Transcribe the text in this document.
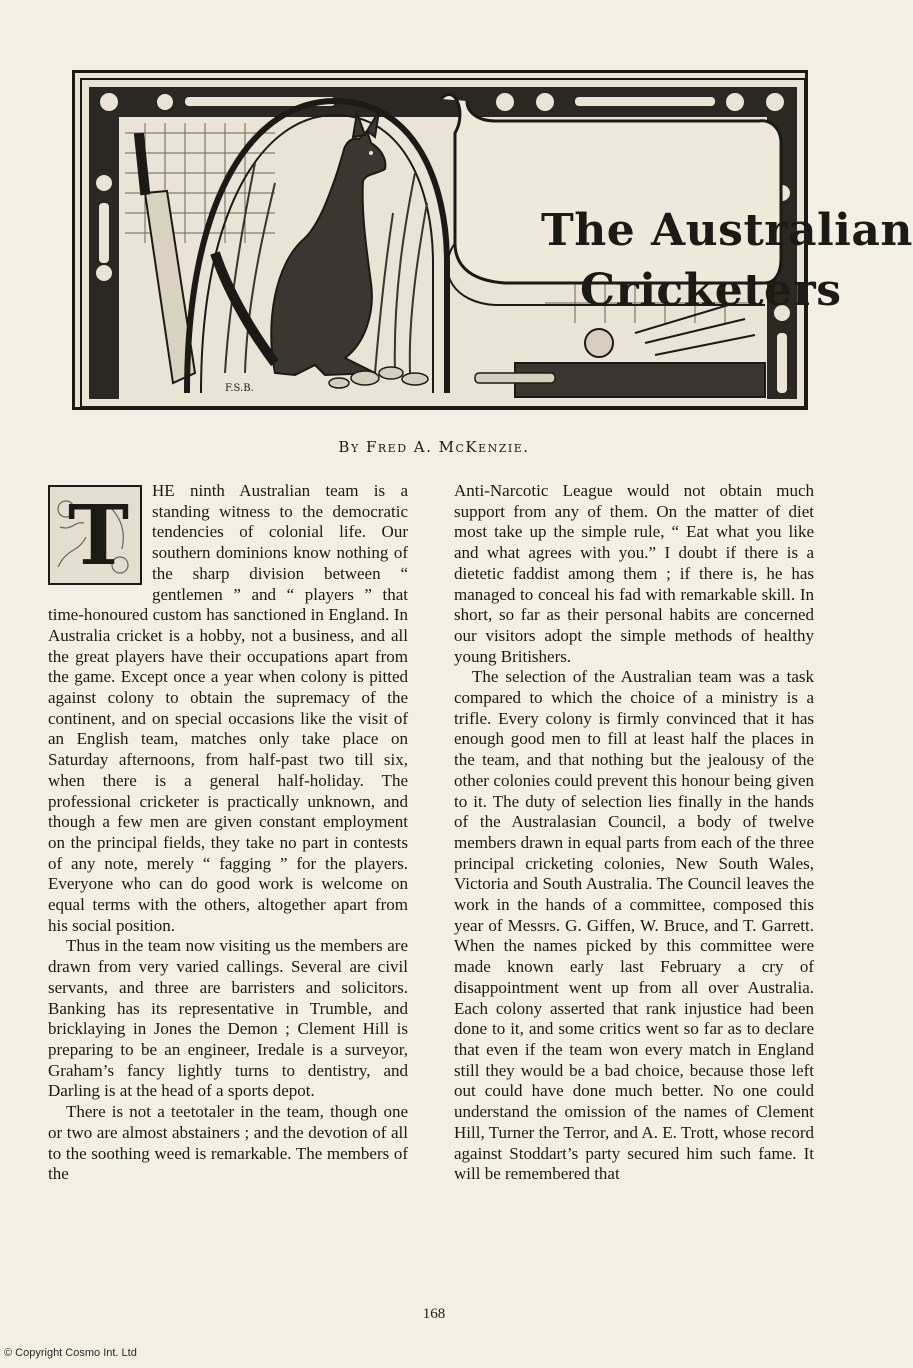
F.S.B.
The Australian
Cricketers
By Fred A. McKenzie.
T	HE ninth Australian team is a standing witness to the democratic tendencies of colonial life. Our southern dominions know nothing of the sharp division between “ gentlemen ” and “ players ” that time-honoured custom has sanctioned in England. In Australia cricket is a hobby, not a business, and all the great players have their occupations apart from the game. Except once a year when colony is pitted against colony to obtain the supremacy of the continent, and on special occasions like the visit of an English team, matches only take place on Saturday afternoons, from half-past two till six, when there is a general half-holiday. The professional cricketer is practically unknown, and though a few men are given constant employment on the principal fields, they take no part in contests of any note, merely “ fagging ” for the players. Everyone who can do good work is welcome on equal terms with the others, altogether apart from his social position.

Thus in the team now visiting us the members are drawn from very varied callings. Several are civil servants, and three are barristers and solicitors. Banking has its representative in Trumble, and bricklaying in Jones the Demon ; Clement Hill is preparing to be an engineer, Iredale is a surveyor, Graham’s fancy lightly turns to dentistry, and Darling is at the head of a sports depot.

There is not a teetotaler in the team, though one or two are almost abstainers ; and the devotion of all to the soothing weed is remarkable. The members of the

Anti-Narcotic League would not obtain much support from any of them. On the matter of diet most take up the simple rule, “ Eat what you like and what agrees with you.” I doubt if there is a dietetic faddist among them ; if there is, he has managed to conceal his fad with remarkable skill. In short, so far as their personal habits are concerned our visitors adopt the simple methods of healthy young Britishers.

The selection of the Australian team was a task compared to which the choice of a ministry is a trifle. Every colony is firmly convinced that it has enough good men to fill at least half the places in the team, and that nothing but the jealousy of the other colonies could prevent this honour being given to it. The duty of selection lies finally in the hands of the Australasian Council, a body of twelve members drawn in equal parts from each of the three principal cricketing colonies, New South Wales, Victoria and South Australia. The Council leaves the work in the hands of a committee, composed this year of Messrs. G. Giffen, W. Bruce, and T. Garrett. When the names picked by this committee were made known early last February a cry of disappointment went up from all over Australia. Each colony asserted that rank injustice had been done to it, and some critics went so far as to declare that even if the team won every match in England still they would be a bad choice, because those left out could have done much better. No one could understand the omission of the names of Clement Hill, Turner the Terror, and A. E. Trott, whose record against Stoddart’s party secured him such fame. It will be remembered that

168
© Copyright Cosmo Int. Ltd
